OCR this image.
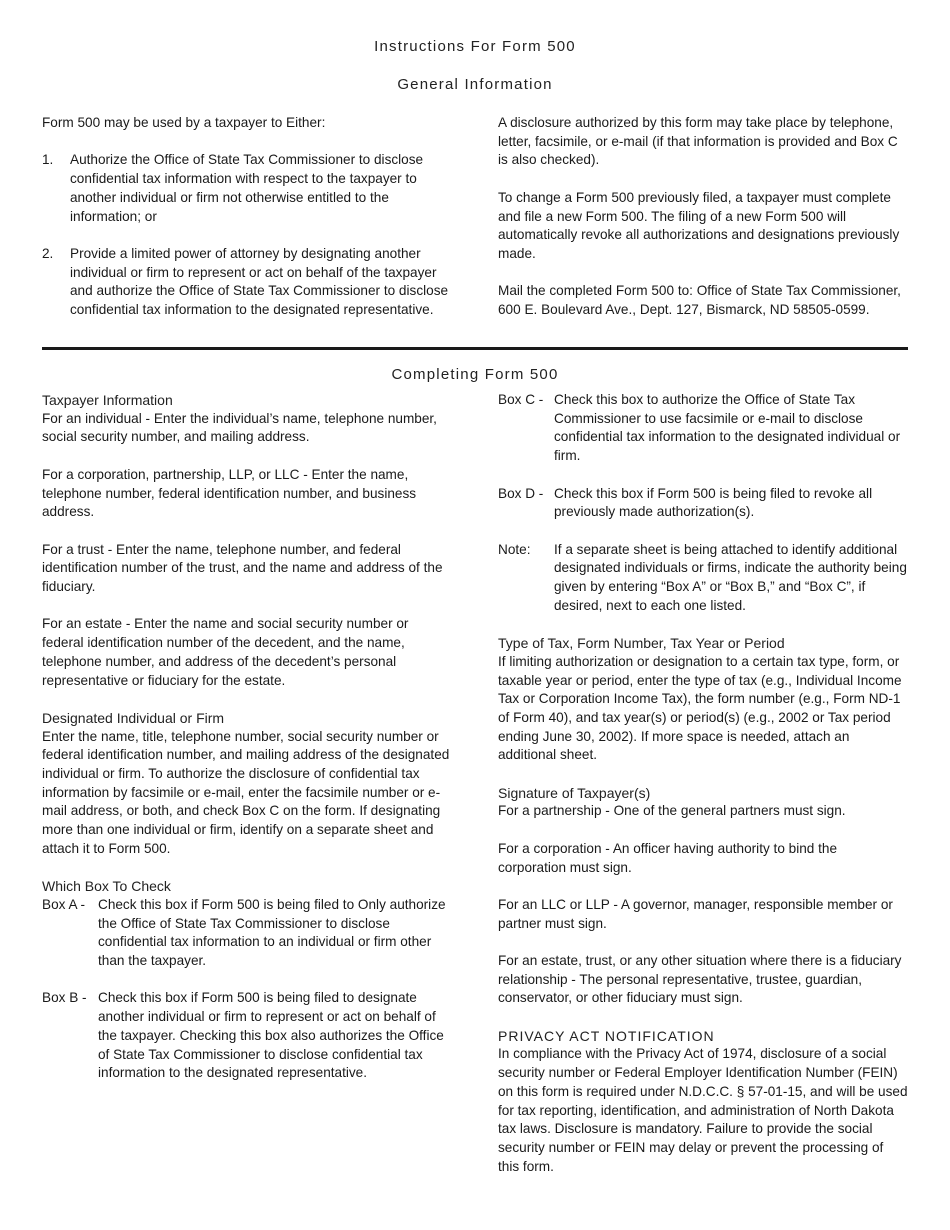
Instructions For Form 500
General Information

Form 500 may be used by a taxpayer to Either:

1.	Authorize the Office of State Tax Commissioner to disclose confidential tax information with respect to the taxpayer to another individual or firm not otherwise entitled to the information; or
2.	Provide a limited power of attorney by designating another individual or firm to represent or act on behalf of the taxpayer and authorize the Office of State Tax Commissioner to disclose confidential tax information to the designated representative.

A disclosure authorized by this form may take place by telephone, letter, facsimile, or e-mail (if that information is provided and Box C is also checked).

To change a Form 500 previously filed, a taxpayer must complete and file a new Form 500. The filing of a new Form 500 will automatically revoke all authorizations and designations previously made.

Mail the completed Form 500 to: Office of State Tax Commissioner, 600 E. Boulevard Ave., Dept. 127, Bismarck, ND 58505-0599.

Completing Form 500
Taxpayer Information

For an individual - Enter the individual’s name, telephone number, social security number, and mailing address.

For a corporation, partnership, LLP, or LLC - Enter the name, telephone number, federal identification number, and business address.

For a trust - Enter the name, telephone number, and federal identification number of the trust, and the name and address of the fiduciary.

For an estate - Enter the name and social security number or federal identification number of the decedent, and the name, telephone number, and address of the decedent’s personal representative or fiduciary for the estate.

Designated Individual or Firm

Enter the name, title, telephone number, social security number or federal identification number, and mailing address of the designated individual or firm. To authorize the disclosure of confidential tax information by facsimile or e-mail, enter the facsimile number or e-mail address, or both, and check Box C on the form. If designating more than one individual or firm, identify on a separate sheet and attach it to Form 500.

Which Box To Check
Box A - Check this box if Form 500 is being filed to Only authorize the Office of State Tax Commissioner to disclose confidential tax information to an individual or firm other than the taxpayer.
Box B - Check this box if Form 500 is being filed to designate another individual or firm to represent or act on behalf of the taxpayer. Checking this box also authorizes the Office of State Tax Commissioner to disclose confidential tax information to the designated representative.
Box C - Check this box to authorize the Office of State Tax Commissioner to use facsimile or e-mail to disclose confidential tax information to the designated individual or firm.
Box D - Check this box if Form 500 is being filed to revoke all previously made authorization(s).
Note:	If a separate sheet is being attached to identify additional designated individuals or firms, indicate the authority being given by entering “Box A” or “Box B,” and “Box C”, if desired, next to each one listed.
Type of Tax, Form Number, Tax Year or Period

If limiting authorization or designation to a certain tax type, form, or taxable year or period, enter the type of tax (e.g., Individual Income Tax or Corporation Income Tax), the form number (e.g., Form ND-1 of Form 40), and tax year(s) or period(s) (e.g., 2002 or Tax period ending June 30, 2002). If more space is needed, attach an additional sheet.

Signature of Taxpayer(s)

For a partnership - One of the general partners must sign.

For a corporation - An officer having authority to bind the corporation must sign.

For an LLC or LLP - A governor, manager, responsible member or partner must sign.

For an estate, trust, or any other situation where there is a fiduciary relationship - The personal representative, trustee, guardian, conservator, or other fiduciary must sign.

PRIVACY ACT NOTIFICATION

In compliance with the Privacy Act of 1974, disclosure of a social security number or Federal Employer Identification Number (FEIN) on this form is required under N.D.C.C. § 57-01-15, and will be used for tax reporting, identification, and administration of North Dakota tax laws. Disclosure is mandatory. Failure to provide the social security number or FEIN may delay or prevent the processing of this form.
